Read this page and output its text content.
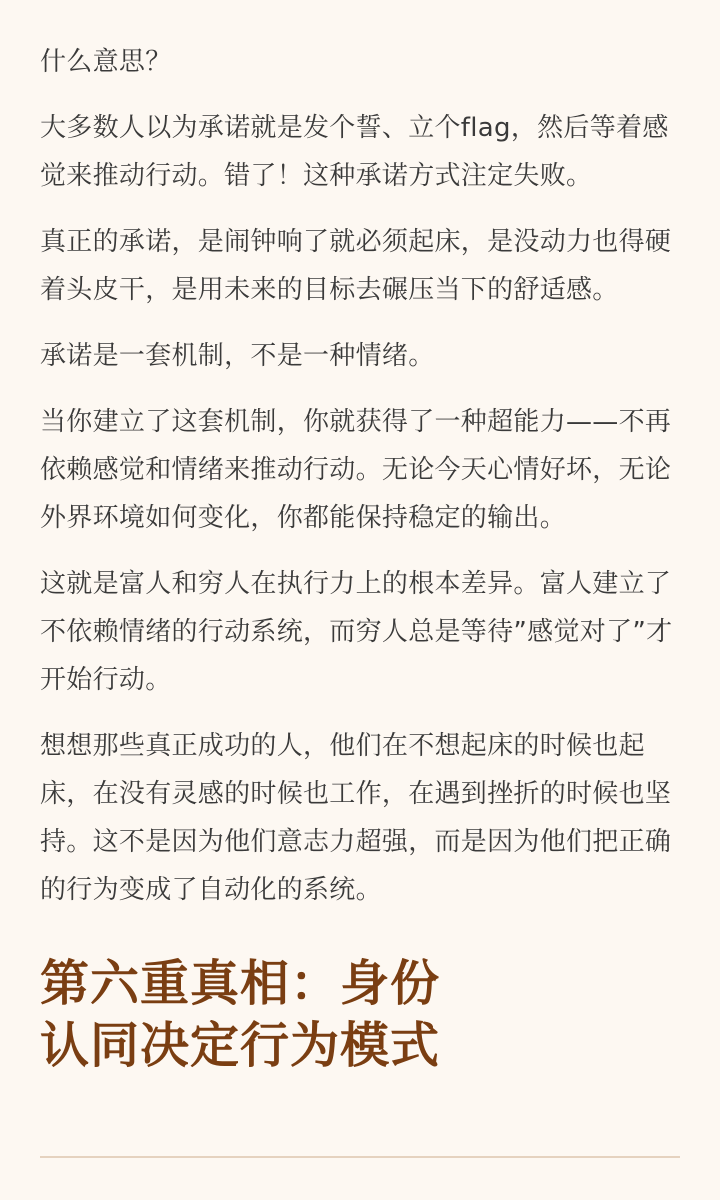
什么意思？

大多数人以为承诺就是发个誓、立个flag，然后等着感觉来推动行动。错了！这种承诺方式注定失败。

真正的承诺，是闹钟响了就必须起床，是没动力也得硬着头皮干，是用未来的目标去碾压当下的舒适感。

承诺是一套机制，不是一种情绪。

当你建立了这套机制，你就获得了一种超能力——不再依赖感觉和情绪来推动行动。无论今天心情好坏，无论外界环境如何变化，你都能保持稳定的输出。

这就是富人和穷人在执行力上的根本差异。富人建立了不依赖情绪的行动系统，而穷人总是等待”感觉对了”才开始行动。

想想那些真正成功的人，他们在不想起床的时候也起床，在没有灵感的时候也工作，在遇到挫折的时候也坚持。这不是因为他们意志力超强，而是因为他们把正确的行为变成了自动化的系统。

第六重真相：身份
认同决定行为模式
